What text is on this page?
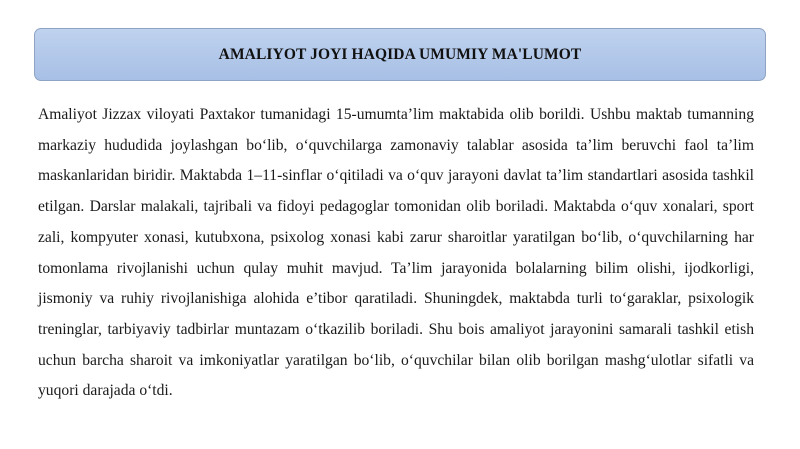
AMALIYOT JOYI HAQIDA UMUMIY MA'LUMOT

Amaliyot Jizzax viloyati Paxtakor tumanidagi 15-umumta’lim maktabida olib borildi. Ushbu maktab tumanning markaziy hududida joylashgan bo‘lib, o‘quvchilarga zamonaviy talablar asosida ta’lim beruvchi faol ta’lim maskanlaridan biridir. Maktabda 1–11-sinflar o‘qitiladi va o‘quv jarayoni davlat ta’lim standartlari asosida tashkil etilgan. Darslar malakali, tajribali va fidoyi pedagoglar tomonidan olib boriladi. Maktabda o‘quv xonalari, sport zali, kompyuter xonasi, kutubxona, psixolog xonasi kabi zarur sharoitlar yaratilgan bo‘lib, o‘quvchilarning har tomonlama rivojlanishi uchun qulay muhit mavjud. Ta’lim jarayonida bolalarning bilim olishi, ijodkorligi, jismoniy va ruhiy rivojlanishiga alohida e’tibor qaratiladi. Shuningdek, maktabda turli to‘garaklar, psixologik treninglar, tarbiyaviy tadbirlar muntazam o‘tkazilib boriladi. Shu bois amaliyot jarayonini samarali tashkil etish uchun barcha sharoit va imkoniyatlar yaratilgan bo‘lib, o‘quvchilar bilan olib borilgan mashg‘ulotlar sifatli va yuqori darajada o‘tdi.
